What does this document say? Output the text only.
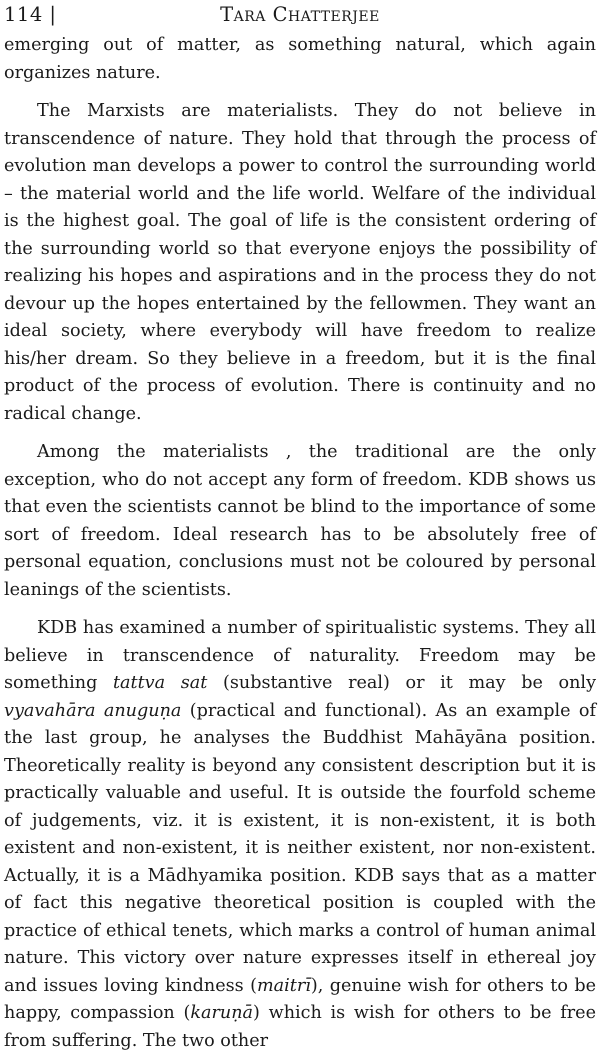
114 |	Tara Chatterjee

emerging out of matter, as something natural, which again organizes nature.

The Marxists are materialists. They do not believe in transcendence of nature. They hold that through the process of evolution man develops a power to control the surrounding world – the material world and the life world. Welfare of the individual is the highest goal. The goal of life is the consistent ordering of the surrounding world so that everyone enjoys the possibility of realizing his hopes and aspirations and in the process they do not devour up the hopes entertained by the fellowmen. They want an ideal society, where everybody will have freedom to realize his/her dream. So they believe in a freedom, but it is the final product of the process of evolution. There is continuity and no radical change.

Among the materialists , the traditional are the only exception, who do not accept any form of freedom. KDB shows us that even the scientists cannot be blind to the importance of some sort of freedom. Ideal research has to be absolutely free of personal equation, conclusions must not be coloured by personal leanings of the scientists.

KDB has examined a number of spiritualistic systems. They all believe in transcendence of naturality. Freedom may be something tattva sat (substantive real) or it may be only vyavahāra anuguṇa (practical and functional). As an example of the last group, he analyses the Buddhist Mahāyāna position. Theoretically reality is beyond any consistent description but it is practically valuable and useful. It is outside the fourfold scheme of judgements, viz. it is existent, it is non-existent, it is both existent and non-existent, it is neither existent, nor non-existent. Actually, it is a Mādhyamika position. KDB says that as a matter of fact this negative theoretical position is coupled with the practice of ethical tenets, which marks a control of human animal nature. This victory over nature expresses itself in ethereal joy and issues loving kindness (maitrī), genuine wish for others to be happy, compassion (karuṇā) which is wish for others to be free from suffering. The two other
